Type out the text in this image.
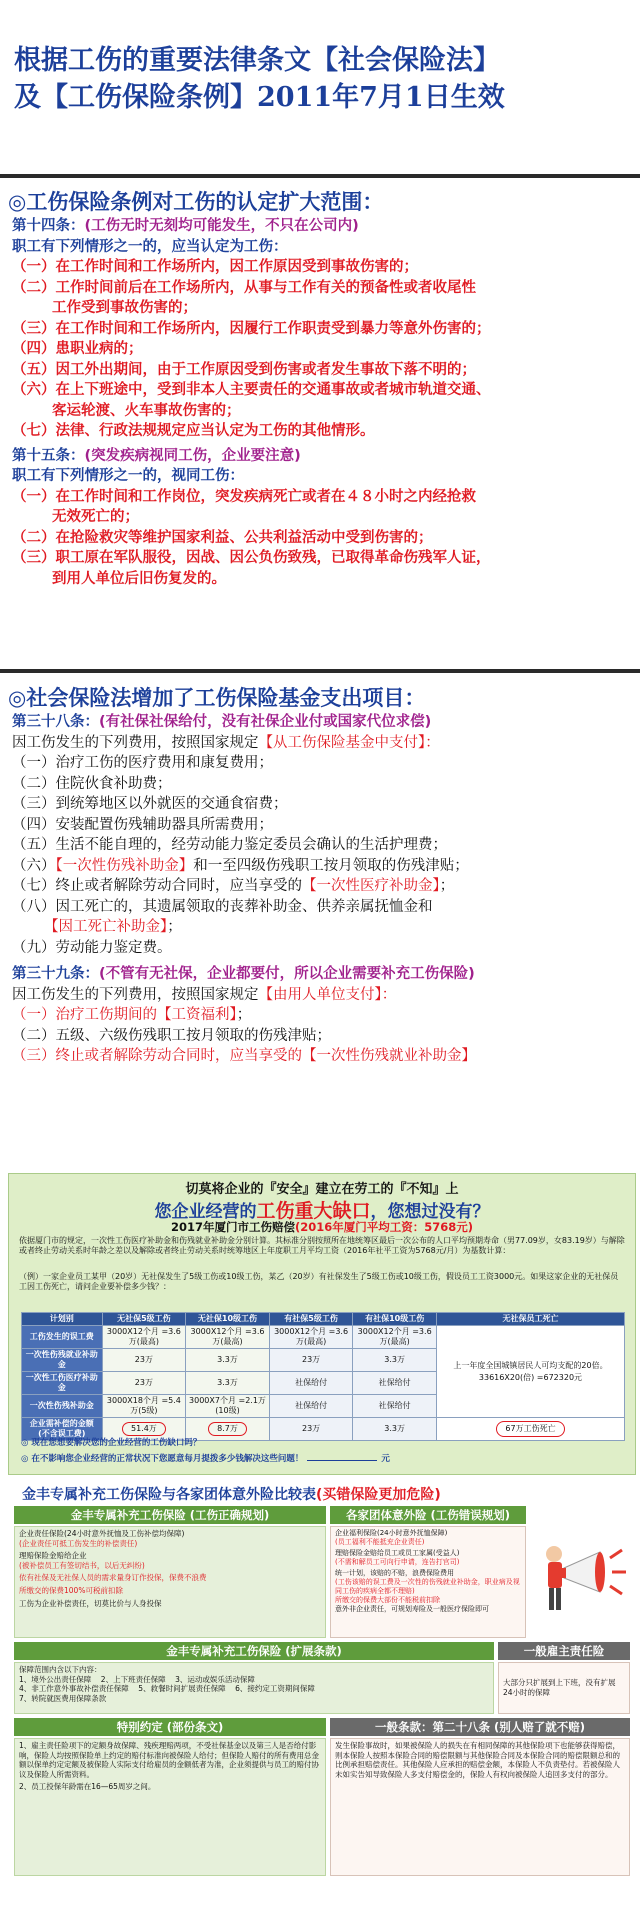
根据工伤的重要法律条文【社会保险法】
及【工伤保险条例】2011年7月1日生效
◎工伤保险条例对工伤的认定扩大范围：
第十四条：(工伤无时无刻均可能发生，不只在公司内)
职工有下列情形之一的，应当认定为工伤：
（一）在工作时间和工作场所内，因工作原因受到事故伤害的；
（二）工作时间前后在工作场所内，从事与工作有关的预备性或者收尾性
工作受到事故伤害的；
（三）在工作时间和工作场所内，因履行工作职责受到暴力等意外伤害的；
（四）患职业病的；
（五）因工外出期间，由于工作原因受到伤害或者发生事故下落不明的；
（六）在上下班途中，受到非本人主要责任的交通事故或者城市轨道交通、
客运轮渡、火车事故伤害的；
（七）法律、行政法规规定应当认定为工伤的其他情形。
第十五条：(突发疾病视同工伤，企业要注意)
职工有下列情形之一的，视同工伤：
（一）在工作时间和工作岗位，突发疾病死亡或者在４８小时之内经抢救
无效死亡的；
（二）在抢险救灾等维护国家利益、公共利益活动中受到伤害的；
（三）职工原在军队服役，因战、因公负伤致残，已取得革命伤残军人证，
到用人单位后旧伤复发的。
◎社会保险法增加了工伤保险基金支出项目：
第三十八条：(有社保社保给付，没有社保企业付或国家代位求偿)
因工伤发生的下列费用，按照国家规定【从工伤保险基金中支付】：
（一）治疗工伤的医疗费用和康复费用；
（二）住院伙食补助费；
（三）到统筹地区以外就医的交通食宿费；
（四）安装配置伤残辅助器具所需费用；
（五）生活不能自理的，经劳动能力鉴定委员会确认的生活护理费；
（六）【一次性伤残补助金】和一至四级伤残职工按月领取的伤残津贴；
（七）终止或者解除劳动合同时，应当享受的【一次性医疗补助金】；
（八）因工死亡的，其遗属领取的丧葬补助金、供养亲属抚恤金和
【因工死亡补助金】；
（九）劳动能力鉴定费。
第三十九条：(不管有无社保，企业都要付，所以企业需要补充工伤保险)
因工伤发生的下列费用，按照国家规定【由用人单位支付】：
（一）治疗工伤期间的【工资福利】；
（二）五级、六级伤残职工按月领取的伤残津贴；
（三）终止或者解除劳动合同时，应当享受的【一次性伤残就业补助金】
切莫将企业的『安全』建立在劳工的『不知』上
您企业经营的工伤重大缺口，您想过没有？
2017年厦门市工伤赔偿(2016年厦门平均工资：5768元)
依据厦门市的规定，一次性工伤医疗补助金和伤残就业补助金分别计算。其标准分别按照所在地统筹区最后一次公布的人口平均预期寿命（男77.09岁，女83.19岁）与解除或者终止劳动关系时年龄之差以及解除或者终止劳动关系时统筹地区上年度职工月平均工资（2016年社平工资为5768元/月）为基数计算：
（例）一家企业员工某甲（20岁）无社保发生了5级工伤或10级工伤，某乙（20岁）有社保发生了5级工伤或10级工伤，假设员工工资3000元。如果这家企业的无社保员工因工伤死亡，请问企业要补偿多少钱？：
计划别	无社保5级工伤	无社保10级工伤	有社保5级工伤	有社保10级工伤	无社保员工死亡
工伤发生的误工费	3000X12个月 =3.6万(最高)	3000X12个月 =3.6万(最高)	3000X12个月 =3.6万(最高)	3000X12个月 =3.6万(最高)	上一年度全国城镇居民人可均支配的20倍。 33616X20(倍) =672320元
一次性伤残就业补助金	23万	3.3万	23万	3.3万	
一次性工伤医疗补助金	23万	3.3万	社保给付	社保给付	
一次性伤残补助金	3000X18个月 =5.4万(5级)	3000X7个月 =2.1万(10级)	社保给付	社保给付	
企业需补偿的金额 (不含误工费)	51.4万	8.7万	23万	3.3万	67万工伤死亡
◎ 现在您想要解决您的企业经营的工伤缺口吗？
◎ 在不影响您企业经营的正常状况下您愿意每月提拨多少钱解决这些问题！	元
金丰专属补充工伤保险与各家团体意外险比较表(买错保险更加危险)
金丰专属补充工伤保险 (工伤正确规划)	各家团体意外险 (工伤错误规划)
企业责任保险(24小时意外抚恤及工伤补偿均保障)
(企业责任可抵工伤发生的补偿责任)
理赔保险金赔给企业
(被补偿员工有签切结书，以后无纠纷)
依有社保及无社保人员的需求量身订作投保，保费不浪费
所缴交的保费100%可税前扣除
工伤为企业补偿责任，切莫比价与人身投保
企业福利保险(24小时意外抚恤保障)
(员工福利不能抵充企业责任)
理赔保险金赔给员工或员工家属(受益人)
(不需和解员工可向行申请，连告打官司)
统一计划，该赔的不赔，浪费保险费用
(工伤该赔的误工费及一次性的伤残就业补助金，职业病及视同工伤的疾病全都不理赔)
所缴交的保费大部份不能税前扣除
意外非企业责任，可规划寿险及一般医疗保险即可
金丰专属补充工伤保险 (扩展条款)	一般雇主责任险
保障范围内含以下内容：
1、境外公出责任保障    2、上下班责任保障    3、运动或娱乐活动保障
4、非工作意外事故补偿责任保障    5、救餐时间扩展责任保障    6、接约定工资期间保障
7、转院就医费用保障条款
大部分只扩展到上下班，没有扩展24小时的保障
特别约定 (部份条文)	一般条款：第二十八条 (别人赔了就不赔)
1、雇主责任险项下的定额身故保障、残疾理赔两项，不受社保基金以及第三人是否给付影响，保险人均按照保险单上约定的赔付标准向被保险人给付；但保险人赔付的所有费用总金额以保单约定定额及被保险人实际支付给雇员的金额低者为准，企业须提供与员工的赔付协议及保险人所需资料。
2、员工投保年龄需在16—65周岁之间。
发生保险事故时，如果被保险人的损失在有相同保障的其他保险项下也能够获得赔偿，则本保险人按照本保险合同的赔偿限额与其他保险合同及本保险合同的赔偿限额总和的比例承担赔偿责任。其他保险人应承担的赔偿金额，本保险人不负责垫付。若被保险人未如实告知导致保险人多支付赔偿金的，保险人有权向被保险人追回多支付的部分。
